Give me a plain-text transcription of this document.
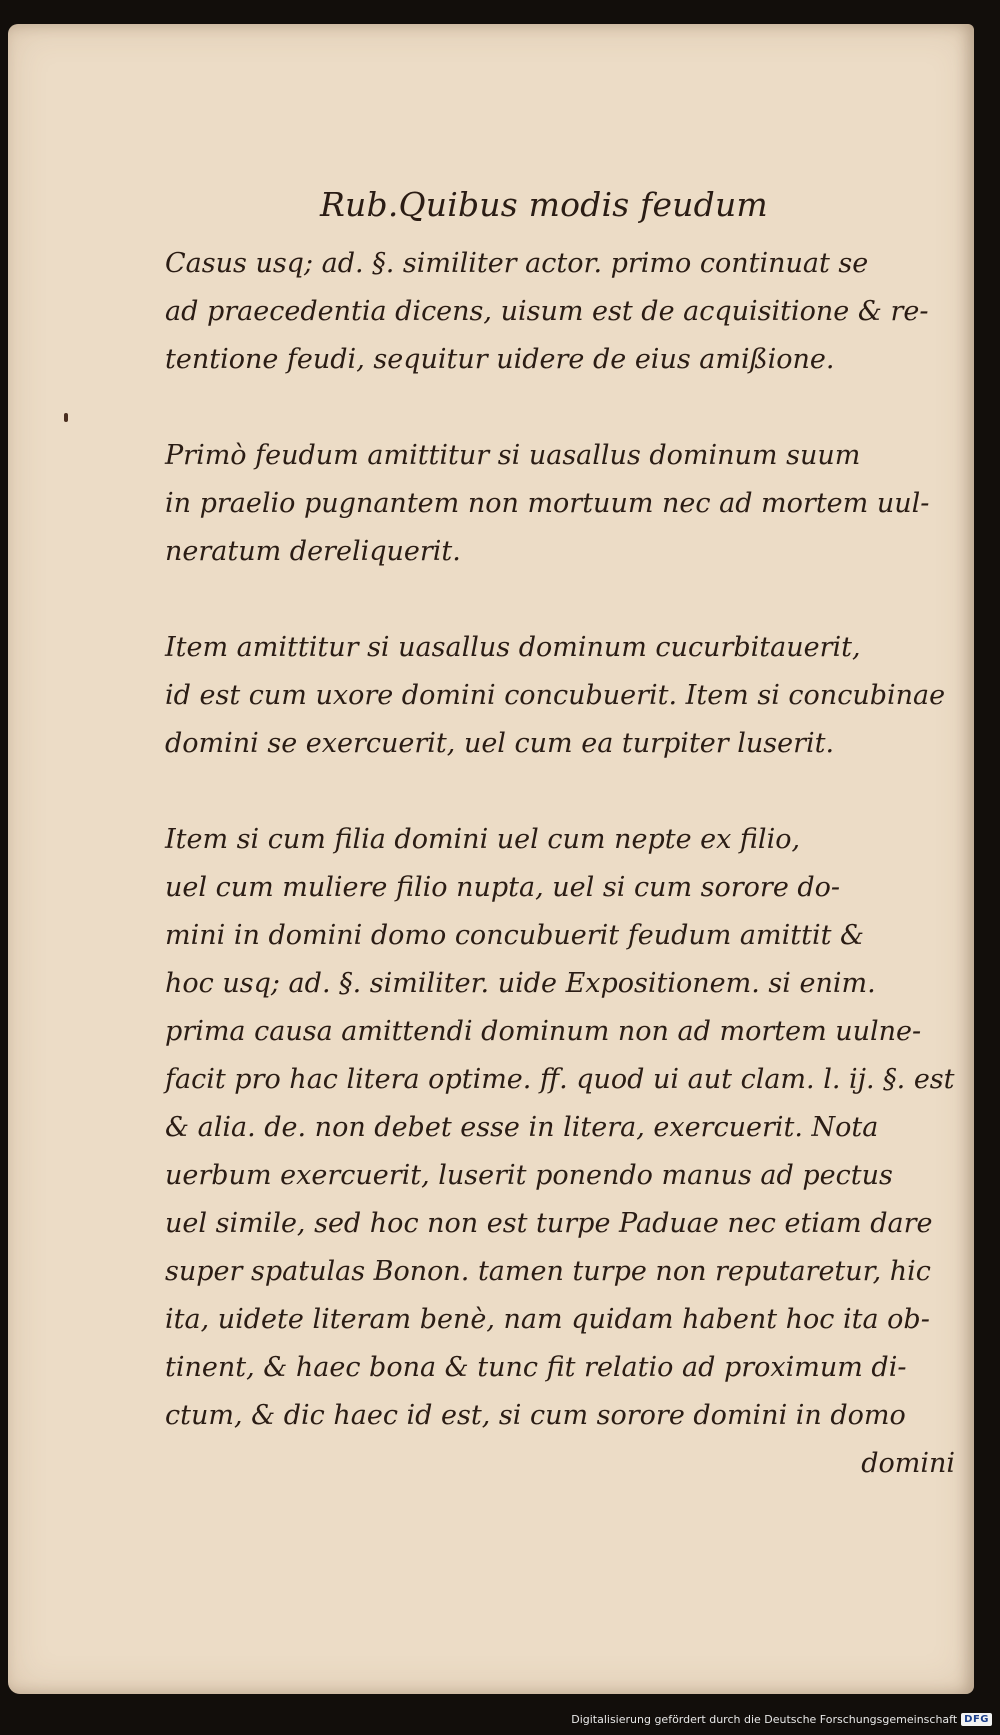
Rub.Quibus modis feudum
Casus usq; ad. §. similiter actor. primo continuat se
ad praecedentia dicens, uisum est de acquisitione & re-
tentione feudi, sequitur uidere de eius amißione.
Primò feudum amittitur si uasallus dominum suum
in praelio pugnantem non mortuum nec ad mortem uul-
neratum dereliquerit.
Item amittitur si uasallus dominum cucurbitauerit,
id est cum uxore domini concubuerit. Item si concubinae
domini se exercuerit, uel cum ea turpiter luserit.
Item si cum filia domini uel cum nepte ex filio,
uel cum muliere filio nupta, uel si cum sorore do-
mini in domini domo concubuerit feudum amittit &
hoc usq; ad. §. similiter. uide Expositionem. si enim.
prima causa amittendi dominum non ad mortem uulne-
facit pro hac litera optime. ff. quod ui aut clam. l. ij. §. est
& alia. de. non debet esse in litera, exercuerit. Nota
uerbum exercuerit, luserit ponendo manus ad pectus
uel simile, sed hoc non est turpe Paduae nec etiam dare
super spatulas Bonon. tamen turpe non reputaretur, hic
ita, uidete literam benè, nam quidam habent hoc ita ob-
tinent, & haec bona & tunc fit relatio ad proximum di-
ctum, & dic haec id est, si cum sorore domini in domo
domini
Digitalisierung gefördert durch die Deutsche Forschungsgemeinschaft DFG
